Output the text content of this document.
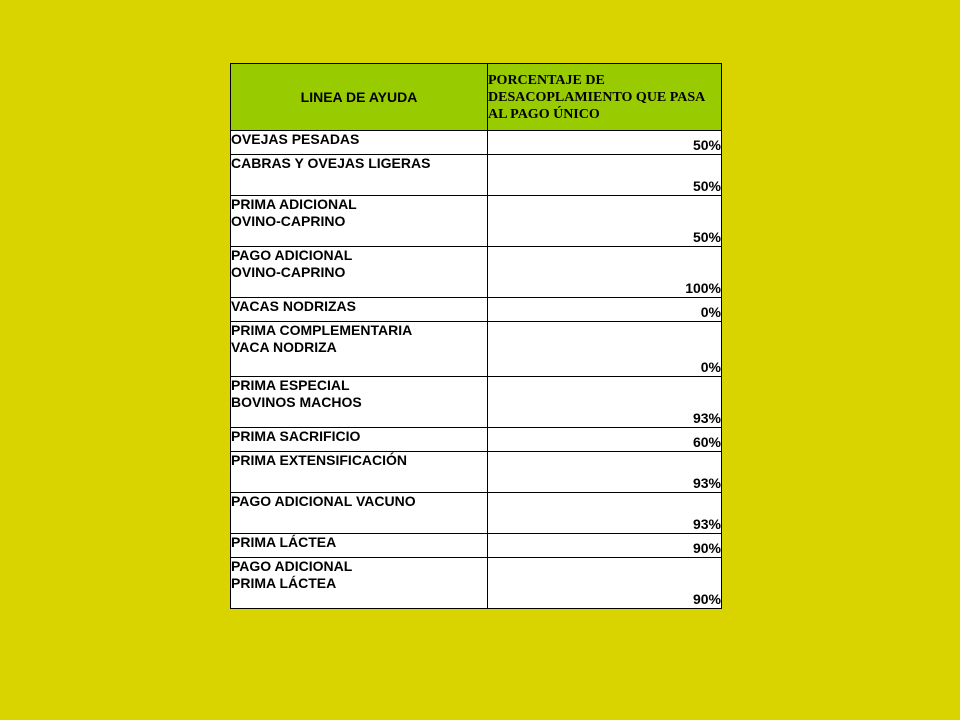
LINEA DE AYUDA	PORCENTAJE DE DESACOPLAMIENTO QUE PASA AL PAGO ÚNICO
OVEJAS PESADAS	50%
CABRAS Y OVEJAS LIGERAS	50%
PRIMA ADICIONAL
OVINO-CAPRINO	50%
PAGO ADICIONAL
OVINO-CAPRINO	100%
VACAS NODRIZAS	0%
PRIMA COMPLEMENTARIA
VACA NODRIZA	0%
PRIMA ESPECIAL
BOVINOS MACHOS	93%
PRIMA SACRIFICIO	60%
PRIMA EXTENSIFICACIÓN	93%
PAGO ADICIONAL VACUNO	93%
PRIMA LÁCTEA	90%
PAGO ADICIONAL
PRIMA LÁCTEA	90%
